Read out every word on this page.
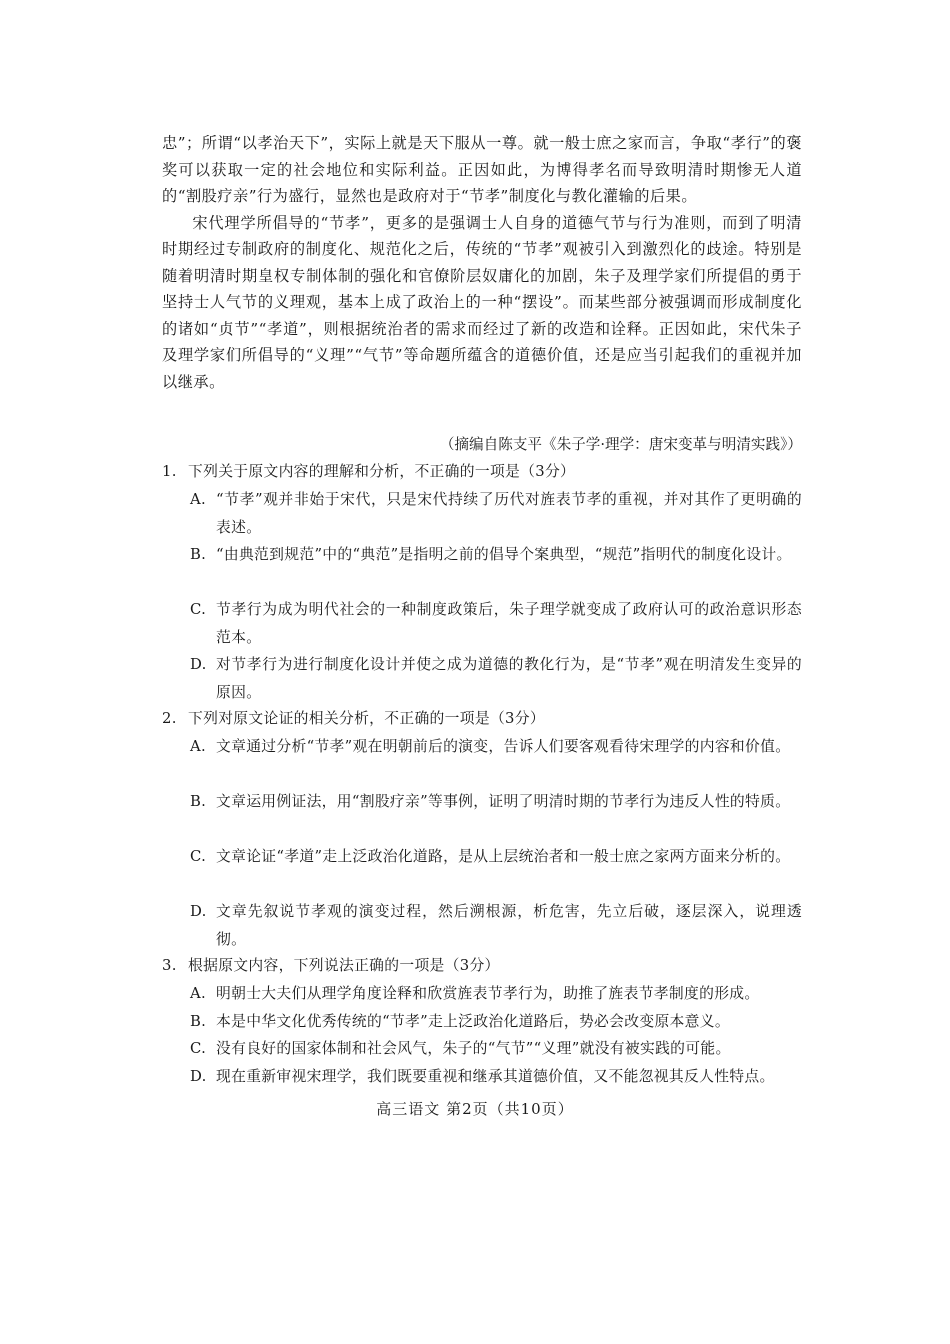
忠”；所谓“以孝治天下”，实际上就是天下服从一尊。就一般士庶之家而言，争取“孝行”的褒奖可以获取一定的社会地位和实际利益。正因如此，为博得孝名而导致明清时期惨无人道的“割股疗亲”行为盛行，显然也是政府对于“节孝”制度化与教化灌输的后果。

宋代理学所倡导的“节孝”，更多的是强调士人自身的道德气节与行为准则，而到了明清时期经过专制政府的制度化、规范化之后，传统的“节孝”观被引入到激烈化的歧途。特别是随着明清时期皇权专制体制的强化和官僚阶层奴庸化的加剧，朱子及理学家们所提倡的勇于坚持士人气节的义理观，基本上成了政治上的一种“摆设”。而某些部分被强调而形成制度化的诸如“贞节”“孝道”，则根据统治者的需求而经过了新的改造和诠释。正因如此，宋代朱子及理学家们所倡导的“义理”“气节”等命题所蕴含的道德价值，还是应当引起我们的重视并加以继承。

（摘编自陈支平《朱子学·理学：唐宋变革与明清实践》）

1. 下列关于原文内容的理解和分析，不正确的一项是（3分）

A. “节孝”观并非始于宋代，只是宋代持续了历代对旌表节孝的重视，并对其作了更明确的表述。

B. “由典范到规范”中的“典范”是指明之前的倡导个案典型，“规范”指明代的制度化设计。

C. 节孝行为成为明代社会的一种制度政策后，朱子理学就变成了政府认可的政治意识形态范本。

D. 对节孝行为进行制度化设计并使之成为道德的教化行为，是“节孝”观在明清发生变异的原因。

2. 下列对原文论证的相关分析，不正确的一项是（3分）

A. 文章通过分析“节孝”观在明朝前后的演变，告诉人们要客观看待宋理学的内容和价值。

B. 文章运用例证法，用“割股疗亲”等事例，证明了明清时期的节孝行为违反人性的特质。

C. 文章论证“孝道”走上泛政治化道路，是从上层统治者和一般士庶之家两方面来分析的。

D. 文章先叙说节孝观的演变过程，然后溯根源，析危害，先立后破，逐层深入，说理透彻。

3. 根据原文内容，下列说法正确的一项是（3分）

A. 明朝士大夫们从理学角度诠释和欣赏旌表节孝行为，助推了旌表节孝制度的形成。

B. 本是中华文化优秀传统的“节孝”走上泛政治化道路后，势必会改变原本意义。

C. 没有良好的国家体制和社会风气，朱子的“气节”“义理”就没有被实践的可能。

D. 现在重新审视宋理学，我们既要重视和继承其道德价值，又不能忽视其反人性特点。

高三语文 第2页（共10页）
